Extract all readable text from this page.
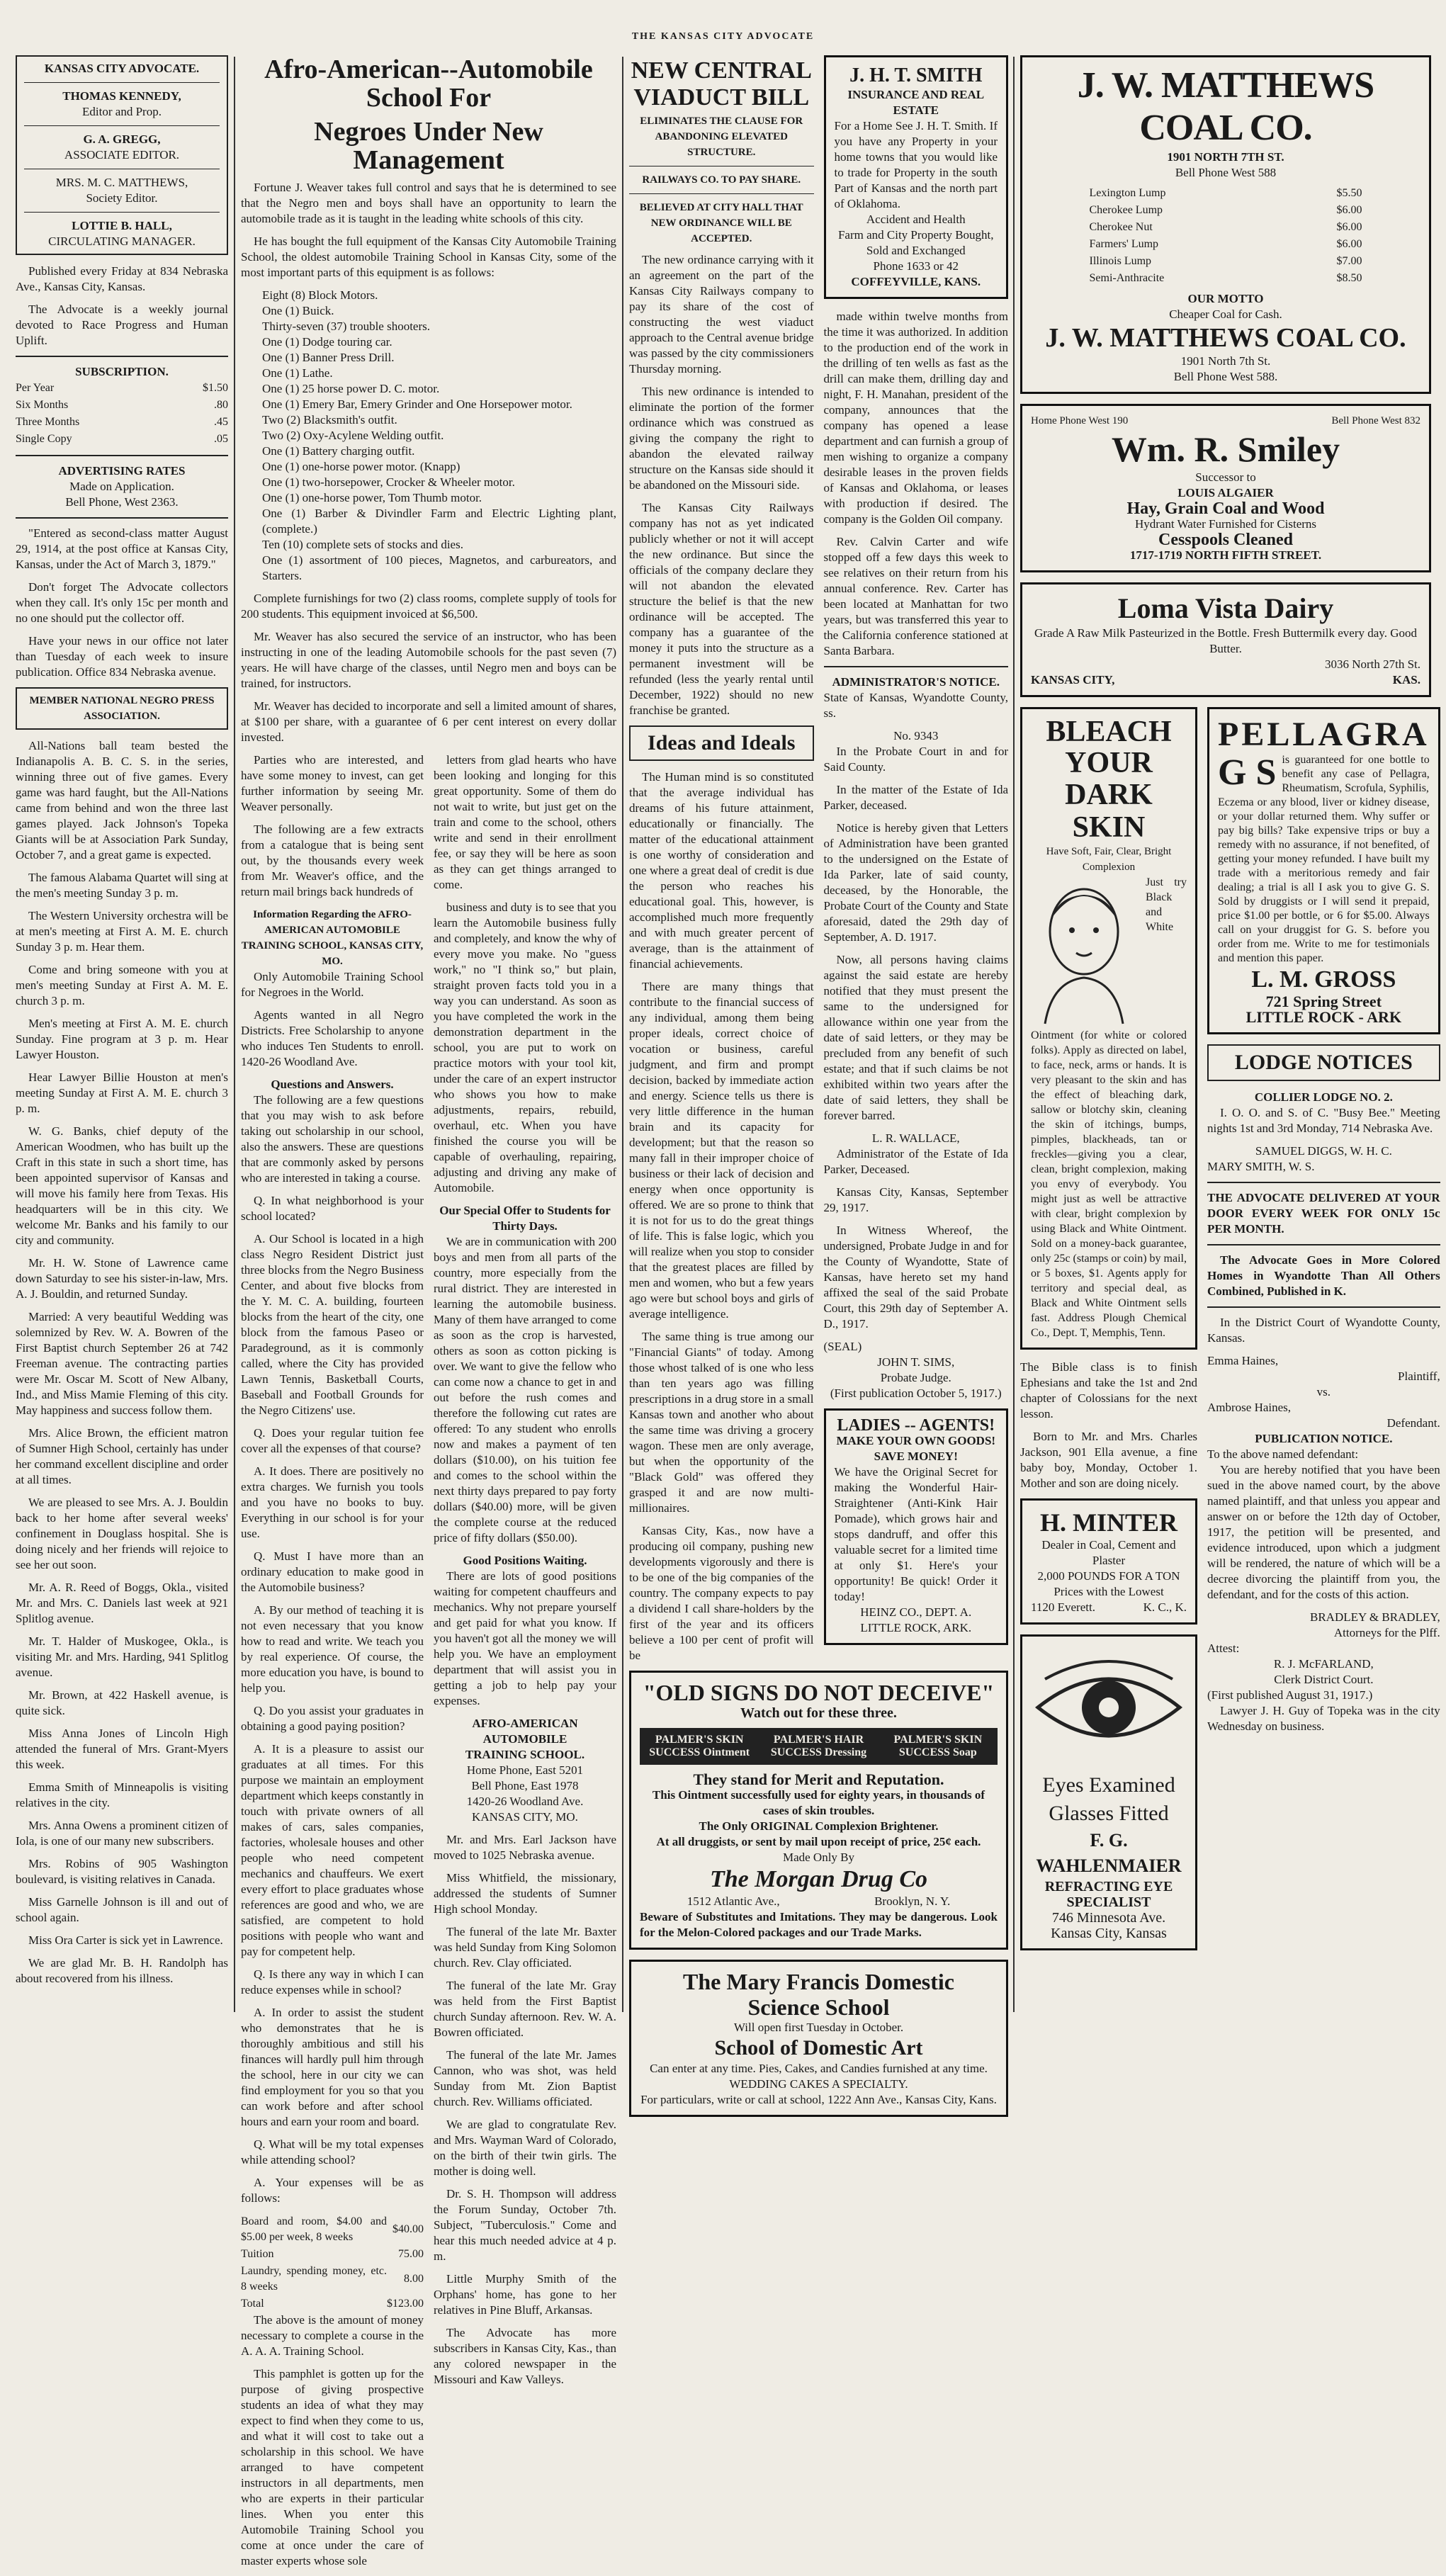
THE KANSAS CITY ADVOCATE
KANSAS CITY ADVOCATE.
THOMAS KENNEDY,
Editor and Prop.
G. A. GREGG,
ASSOCIATE EDITOR.
MRS. M. C. MATTHEWS,
Society Editor.
LOTTIE B. HALL,
CIRCULATING MANAGER.

Published every Friday at 834 Nebraska Ave., Kansas City, Kansas.

The Advocate is a weekly journal devoted to Race Progress and Human Uplift.

SUBSCRIPTION.
Per Year	$1.50
Six Months	.80
Three Months	.45
Single Copy	.05
ADVERTISING RATES
Made on Application.
Bell Phone, West 2363.

"Entered as second-class matter August 29, 1914, at the post office at Kansas City, Kansas, under the Act of March 3, 1879."

Don't forget The Advocate collectors when they call. It's only 15c per month and no one should put the collector off.

Have your news in our office not later than Tuesday of each week to insure publication. Office 834 Nebraska avenue.

MEMBER NATIONAL NEGRO PRESS ASSOCIATION.

All-Nations ball team bested the Indianapolis A. B. C. S. in the series, winning three out of five games. Every game was hard faught, but the All-Nations came from behind and won the three last games played. Jack Johnson's Topeka Giants will be at Association Park Sunday, October 7, and a great game is expected.

The famous Alabama Quartet will sing at the men's meeting Sunday 3 p. m.

The Western University orchestra will be at men's meeting at First A. M. E. church Sunday 3 p. m. Hear them.

Come and bring someone with you at men's meeting Sunday at First A. M. E. church 3 p. m.

Men's meeting at First A. M. E. church Sunday. Fine program at 3 p. m. Hear Lawyer Houston.

Hear Lawyer Billie Houston at men's meeting Sunday at First A. M. E. church 3 p. m.

W. G. Banks, chief deputy of the American Woodmen, who has built up the Craft in this state in such a short time, has been appointed supervisor of Kansas and will move his family here from Texas. His headquarters will be in this city. We welcome Mr. Banks and his family to our city and community.

Mr. H. W. Stone of Lawrence came down Saturday to see his sister-in-law, Mrs. A. J. Bouldin, and returned Sunday.

Married: A very beautiful Wedding was solemnized by Rev. W. A. Bowren of the First Baptist church September 26 at 742 Freeman avenue. The contracting parties were Mr. Oscar M. Scott of New Albany, Ind., and Miss Mamie Fleming of this city. May happiness and success follow them.

Mrs. Alice Brown, the efficient matron of Sumner High School, certainly has under her command excellent discipline and order at all times.

We are pleased to see Mrs. A. J. Bouldin back to her home after several weeks' confinement in Douglass hospital. She is doing nicely and her friends will rejoice to see her out soon.

Mr. A. R. Reed of Boggs, Okla., visited Mr. and Mrs. C. Daniels last week at 921 Splitlog avenue.

Mr. T. Halder of Muskogee, Okla., is visiting Mr. and Mrs. Harding, 941 Splitlog avenue.

Mr. Brown, at 422 Haskell avenue, is quite sick.

Miss Anna Jones of Lincoln High attended the funeral of Mrs. Grant-Myers this week.

Emma Smith of Minneapolis is visiting relatives in the city.

Mrs. Anna Owens a prominent citizen of Iola, is one of our many new subscribers.

Mrs. Robins of 905 Washington boulevard, is visiting relatives in Canada.

Miss Garnelle Johnson is ill and out of school again.

Miss Ora Carter is sick yet in Lawrence.

We are glad Mr. B. H. Randolph has about recovered from his illness.

Afro-American--Automobile School For
Negroes Under New Management

Fortune J. Weaver takes full control and says that he is determined to see that the Negro men and boys shall have an opportunity to learn the automobile trade as it is taught in the leading white schools of this city.

He has bought the full equipment of the Kansas City Automobile Training School, the oldest automobile Training School in Kansas City, some of the most important parts of this equipment is as follows:

Eight (8) Block Motors.
One (1) Buick.
Thirty-seven (37) trouble shooters.
One (1) Dodge touring car.
One (1) Banner Press Drill.
One (1) Lathe.
One (1) 25 horse power D. C. motor.
One (1) Emery Bar, Emery Grinder and One Horsepower motor.
Two (2) Blacksmith's outfit.
Two (2) Oxy-Acylene Welding outfit.
One (1) Battery charging outfit.
One (1) one-horse power motor. (Knapp)
One (1) two-horsepower, Crocker & Wheeler motor.
One (1) one-horse power, Tom Thumb motor.
One (1) Barber & Divindler Farm and Electric Lighting plant, (complete.)
Ten (10) complete sets of stocks and dies.
One (1) assortment of 100 pieces, Magnetos, and carbureators, and Starters.

Complete furnishings for two (2) class rooms, complete supply of tools for 200 students. This equipment invoiced at $6,500.

Mr. Weaver has also secured the service of an instructor, who has been instructing in one of the leading Automobile schools for the past seven (7) years. He will have charge of the classes, until Negro men and boys can be trained, for instructors.

Mr. Weaver has decided to incorporate and sell a limited amount of shares, at $100 per share, with a guarantee of 6 per cent interest on every dollar invested.

Parties who are interested, and have some money to invest, can get further information by seeing Mr. Weaver personally.

The following are a few extracts from a catalogue that is being sent out, by the thousands every week from Mr. Weaver's office, and the return mail brings back hundreds of

Information Regarding the AFRO-AMERICAN AUTOMOBILE TRAINING SCHOOL, KANSAS CITY, MO.

Only Automobile Training School for Negroes in the World.

Agents wanted in all Negro Districts. Free Scholarship to anyone who induces Ten Students to enroll. 1420-26 Woodland Ave.

Questions and Answers.

The following are a few questions that you may wish to ask before taking out scholarship in our school, also the answers. These are questions that are commonly asked by persons who are interested in taking a course.

Q. In what neighborhood is your school located?

A. Our School is located in a high class Negro Resident District just three blocks from the Negro Business Center, and about five blocks from the Y. M. C. A. building, fourteen blocks from the heart of the city, one block from the famous Paseo or Paradeground, as it is commonly called, where the City has provided Lawn Tennis, Basketball Courts, Baseball and Football Grounds for the Negro Citizens' use.

Q. Does your regular tuition fee cover all the expenses of that course?

A. It does. There are positively no extra charges. We furnish you tools and you have no books to buy. Everything in our school is for your use.

Q. Must I have more than an ordinary education to make good in the Automobile business?

A. By our method of teaching it is not even necessary that you know how to read and write. We teach you by real experience. Of course, the more education you have, is bound to help you.

Q. Do you assist your graduates in obtaining a good paying position?

A. It is a pleasure to assist our graduates at all times. For this purpose we maintain an employment department which keeps constantly in touch with private owners of all makes of cars, sales companies, factories, wholesale houses and other people who need competent mechanics and chauffeurs. We exert every effort to place graduates whose references are good and who, we are satisfied, are competent to hold positions with people who want and pay for competent help.

Q. Is there any way in which I can reduce expenses while in school?

A. In order to assist the student who demonstrates that he is thoroughly ambitious and still his finances will hardly pull him through the school, here in our city we can find employment for you so that you can work before and after school hours and earn your room and board.

Q. What will be my total expenses while attending school?

A. Your expenses will be as follows:

Board and room, $4.00 and $5.00 per week, 8 weeks	$40.00
Tuition	75.00
Laundry, spending money, etc. 8 weeks	8.00
Total	$123.00

The above is the amount of money necessary to complete a course in the A. A. A. Training School.

This pamphlet is gotten up for the purpose of giving prospective students an idea of what they may expect to find when they come to us, and what it will cost to take out a scholarship in this school. We have arranged to have competent instructors in all departments, men who are experts in their particular lines. When you enter this Automobile Training School you come at once under the care of master experts whose sole

letters from glad hearts who have been looking and longing for this great opportunity. Some of them do not wait to write, but just get on the train and come to the school, others write and send in their enrollment fee, or say they will be here as soon as they can get things arranged to come.

business and duty is to see that you learn the Automobile business fully and completely, and know the why of every move you make. No "guess work," no "I think so," but plain, straight proven facts told you in a way you can understand. As soon as you have completed the work in the demonstration department in the school, you are put to work on practice motors with your tool kit, under the care of an expert instructor who shows you how to make adjustments, repairs, rebuild, overhaul, etc. When you have finished the course you will be capable of overhauling, repairing, adjusting and driving any make of Automobile.

Our Special Offer to Students for Thirty Days.

We are in communication with 200 boys and men from all parts of the country, more especially from the rural district. They are interested in learning the automobile business. Many of them have arranged to come as soon as the crop is harvested, others as soon as cotton picking is over. We want to give the fellow who can come now a chance to get in and out before the rush comes and therefore the following cut rates are offered: To any student who enrolls now and makes a payment of ten dollars ($10.00), on his tuition fee and comes to the school within the next thirty days prepared to pay forty dollars ($40.00) more, will be given the complete course at the reduced price of fifty dollars ($50.00).

Good Positions Waiting.

There are lots of good positions waiting for competent chauffeurs and mechanics. Why not prepare yourself and get paid for what you know. If you haven't got all the money we will help you. We have an employment department that will assist you in getting a job to help pay your expenses.

AFRO-AMERICAN AUTOMOBILE
TRAINING SCHOOL.
Home Phone, East 5201
Bell Phone, East 1978
1420-26 Woodland Ave.
KANSAS CITY, MO.

Mr. and Mrs. Earl Jackson have moved to 1025 Nebraska avenue.

Miss Whitfield, the missionary, addressed the students of Sumner High school Monday.

The funeral of the late Mr. Baxter was held Sunday from King Solomon church. Rev. Clay officiated.

The funeral of the late Mr. Gray was held from the First Baptist church Sunday afternoon. Rev. W. A. Bowren officiated.

The funeral of the late Mr. James Cannon, who was shot, was held Sunday from Mt. Zion Baptist church. Rev. Williams officiated.

We are glad to congratulate Rev. and Mrs. Wayman Ward of Colorado, on the birth of their twin girls. The mother is doing well.

Dr. S. H. Thompson will address the Forum Sunday, October 7th. Subject, "Tuberculosis." Come and hear this much needed advice at 4 p. m.

Little Murphy Smith of the Orphans' home, has gone to her relatives in Pine Bluff, Arkansas.

The Advocate has more subscribers in Kansas City, Kas., than any colored newspaper in the Missouri and Kaw Valleys.

NEW CENTRAL
VIADUCT BILL
ELIMINATES THE CLAUSE FOR ABANDONING ELEVATED STRUCTURE.
RAILWAYS CO. TO PAY SHARE.
BELIEVED AT CITY HALL THAT NEW ORDINANCE WILL BE ACCEPTED.

The new ordinance carrying with it an agreement on the part of the Kansas City Railways company to pay its share of the cost of constructing the west viaduct approach to the Central avenue bridge was passed by the city commissioners Thursday morning.

This new ordinance is intended to eliminate the portion of the former ordinance which was construed as giving the company the right to abandon the elevated railway structure on the Kansas side should it be abandoned on the Missouri side.

The Kansas City Railways company has not as yet indicated publicly whether or not it will accept the new ordinance. But since the officials of the company declare they will not abandon the elevated structure the belief is that the new ordinance will be accepted. The company has a guarantee of the money it puts into the structure as a permanent investment will be refunded (less the yearly rental until December, 1922) should no new franchise be granted.

Ideas and Ideals

The Human mind is so constituted that the average individual has dreams of his future attainment, educationally or financially. The matter of the educational attainment is one worthy of consideration and one where a great deal of credit is due the person who reaches his educational goal. This, however, is accomplished much more frequently and with much greater percent of average, than is the attainment of financial achievements.

There are many things that contribute to the financial success of any individual, among them being proper ideals, correct choice of vocation or business, careful judgment, and firm and prompt decision, backed by immediate action and energy. Science tells us there is very little difference in the human brain and its capacity for development; but that the reason so many fall in their improper choice of business or their lack of decision and energy when once opportunity is offered. We are so prone to think that it is not for us to do the great things of life. This is false logic, which you will realize when you stop to consider that the greatest places are filled by men and women, who but a few years ago were but school boys and girls of average intelligence.

The same thing is true among our "Financial Giants" of today. Among those whost talked of is one who less than ten years ago was filling prescriptions in a drug store in a small Kansas town and another who about the same time was driving a grocery wagon. These men are only average, but when the opportunity of the "Black Gold" was offered they grasped it and are now multi-millionaires.

Kansas City, Kas., now have a producing oil company, pushing new developments vigorously and there is to be one of the big companies of the country. The company expects to pay a dividend I call share-holders by the first of the year and its officers believe a 100 per cent of profit will be

J. H. T. SMITH
INSURANCE AND REAL ESTATE
For a Home See J. H. T. Smith. If you have any Property in your home towns that you would like to trade for Property in the south Part of Kansas and the north part of Oklahoma.
Accident and Health
Farm and City Property Bought, Sold and Exchanged
Phone 1633 or 42
COFFEYVILLE, KANS.

made within twelve months from the time it was authorized. In addition to the production end of the work in the drilling of ten wells as fast as the drill can make them, drilling day and night, F. H. Manahan, president of the company, announces that the company has opened a lease department and can furnish a group of men wishing to organize a company desirable leases in the proven fields of Kansas and Oklahoma, or leases with production if desired. The company is the Golden Oil company.

Rev. Calvin Carter and wife stopped off a few days this week to see relatives on their return from his annual conference. Rev. Carter has been located at Manhattan for two years, but was transferred this year to the California conference stationed at Santa Barbara.

ADMINISTRATOR'S NOTICE.

State of Kansas, Wyandotte County, ss.

No. 9343

In the Probate Court in and for Said County.

In the matter of the Estate of Ida Parker, deceased.

Notice is hereby given that Letters of Administration have been granted to the undersigned on the Estate of Ida Parker, late of said county, deceased, by the Honorable, the Probate Court of the County and State aforesaid, dated the 29th day of September, A. D. 1917.

Now, all persons having claims against the said estate are hereby notified that they must present the same to the undersigned for allowance within one year from the date of said letters, or they may be precluded from any benefit of such estate; and that if such claims be not exhibited within two years after the date of said letters, they shall be forever barred.

L. R. WALLACE,

Administrator of the Estate of Ida Parker, Deceased.

Kansas City, Kansas, September 29, 1917.

In Witness Whereof, the undersigned, Probate Judge in and for the County of Wyandotte, State of Kansas, have hereto set my hand affixed the seal of the said Probate Court, this 29th day of September A. D., 1917.

(SEAL)
JOHN T. SIMS,
Probate Judge.
(First publication October 5, 1917.)
LADIES -- AGENTS!
MAKE YOUR OWN GOODS!
SAVE MONEY!
We have the Original Secret for making the Wonderful Hair-Straightener (Anti-Kink Hair Pomade), which grows hair and stops dandruff, and offer this valuable secret for a limited time at only $1. Here's your opportunity! Be quick! Order it today!
HEINZ CO., DEPT. A.
LITTLE ROCK, ARK.
"OLD SIGNS DO NOT DECEIVE"
Watch out for these three.
PALMER'S SKIN SUCCESS Ointment
PALMER'S HAIR SUCCESS Dressing
PALMER'S SKIN SUCCESS Soap
They stand for Merit and Reputation.
This Ointment successfully used for eighty years, in thousands of cases of skin troubles.
The Only ORIGINAL Complexion Brightener.
At all druggists, or sent by mail upon receipt of price, 25¢ each.
Made Only By
The Morgan Drug Co
1512 Atlantic Ave.,	Brooklyn, N. Y.
Beware of Substitutes and Imitations. They may be dangerous. Look for the Melon-Colored packages and our Trade Marks.
The Mary Francis Domestic
Science School
Will open first Tuesday in October.
School of Domestic Art
Can enter at any time. Pies, Cakes, and Candies furnished at any time.
WEDDING CAKES A SPECIALTY.
For particulars, write or call at school, 1222 Ann Ave., Kansas City, Kans.
J. W. MATTHEWS COAL CO.
1901 NORTH 7TH ST.
Bell Phone West 588
Lexington Lump	$5.50
Cherokee Lump	$6.00
Cherokee Nut	$6.00
Farmers' Lump	$6.00
Illinois Lump	$7.00
Semi-Anthracite	$8.50
OUR MOTTO
Cheaper Coal for Cash.
J. W. MATTHEWS COAL CO.
1901 North 7th St.
Bell Phone West 588.
Home Phone West 190	Bell Phone West 832
Wm. R. Smiley
Successor to
LOUIS ALGAIER
Hay, Grain Coal and Wood
Hydrant Water Furnished for Cisterns
Cesspools Cleaned
1717-1719 NORTH FIFTH STREET.
Loma Vista Dairy
Grade A Raw Milk Pasteurized in the Bottle. Fresh Buttermilk every day. Good Butter.
3036 North 27th St.
KANSAS CITY,	KAS.
BLEACH YOUR
DARK SKIN
Have Soft, Fair, Clear, Bright Complexion
Just try Black and White Ointment (for white or colored folks). Apply as directed on label, to face, neck, arms or hands. It is very pleasant to the skin and has the effect of bleaching dark, sallow or blotchy skin, cleaning the skin of itchings, bumps, pimples, blackheads, tan or freckles—giving you a clear, clean, bright complexion, making you envy of everybody. You might just as well be attractive with clear, bright complexion by using Black and White Ointment. Sold on a money-back guarantee, only 25c (stamps or coin) by mail, or 5 boxes, $1. Agents apply for territory and special deal, as Black and White Ointment sells fast. Address Plough Chemical Co., Dept. T, Memphis, Tenn.

The Bible class is to finish Ephesians and take the 1st and 2nd chapter of Colossians for the next lesson.

Born to Mr. and Mrs. Charles Jackson, 901 Ella avenue, a fine baby boy, Monday, October 1. Mother and son are doing nicely.

H. MINTER
Dealer in Coal, Cement and Plaster
2,000 POUNDS FOR A TON
Prices with the Lowest
1120 Everett.	K. C., K.
Eyes Examined
Glasses Fitted
F. G. WAHLENMAIER
REFRACTING EYE SPECIALIST
746 Minnesota Ave.
Kansas City, Kansas
PELLAGRA
G S is guaranteed for one bottle to benefit any case of Pellagra, Rheumatism, Scrofula, Syphilis,
Eczema or any blood, liver or kidney disease, or your dollar returned them. Why suffer or pay big bills? Take expensive trips or buy a remedy with no assurance, if not benefited, of getting your money refunded. I have built my trade with a meritorious remedy and fair dealing; a trial is all I ask you to give G. S. Sold by druggists or I will send it prepaid, price $1.00 per bottle, or 6 for $5.00. Always call on your druggist for G. S. before you order from me. Write to me for testimonials and mention this paper.
L. M. GROSS
721 Spring Street
LITTLE ROCK - ARK
LODGE NOTICES
COLLIER LODGE NO. 2.

I. O. O. and S. of C. "Busy Bee." Meeting nights 1st and 3rd Monday, 714 Nebraska Ave.

SAMUEL DIGGS, W. H. C.
MARY SMITH, W. S.
THE ADVOCATE DELIVERED AT YOUR DOOR EVERY WEEK FOR ONLY 15c PER MONTH.

The Advocate Goes in More Colored Homes in Wyandotte Than All Others Combined, Published in K.

In the District Court of Wyandotte County, Kansas.

Emma Haines,
Plaintiff,
vs.
Ambrose Haines,
Defendant.
PUBLICATION NOTICE.
To the above named defendant:

You are hereby notified that you have been sued in the above named court, by the above named plaintiff, and that unless you appear and answer on or before the 12th day of October, 1917, the petition will be presented, and evidence introduced, upon which a judgment will be rendered, the nature of which will be a decree divorcing the plaintiff from you, the defendant, and for the costs of this action.

BRADLEY & BRADLEY,
Attorneys for the Plff.
Attest:
R. J. McFARLAND,
Clerk District Court.
(First published August 31, 1917.)

Lawyer J. H. Guy of Topeka was in the city Wednesday on business.
